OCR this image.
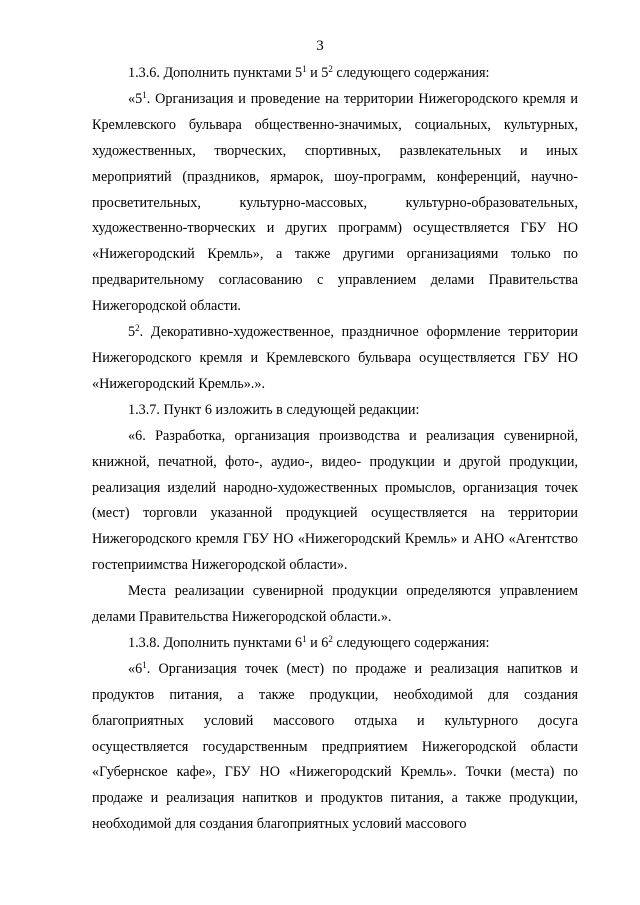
3

1.3.6. Дополнить пунктами $5^1$ и $5^2$ следующего содержания:

«$5^1$. Организация и проведение на территории Нижегородского кремля и Кремлевского бульвара общественно-значимых, социальных, культурных, художественных, творческих, спортивных, развлекательных и иных мероприятий (праздников, ярмарок, шоу-программ, конференций, научно-просветительных, культурно-массовых, культурно-образовательных, художественно-творческих и других программ) осуществляется ГБУ НО «Нижегородский Кремль», а также другими организациями только по предварительному согласованию с управлением делами Правительства Нижегородской области.

$5^2$. Декоративно-художественное, праздничное оформление территории Нижегородского кремля и Кремлевского бульвара осуществляется ГБУ НО «Нижегородский Кремль».».

1.3.7. Пункт 6 изложить в следующей редакции:

«6. Разработка, организация производства и реализация сувенирной, книжной, печатной, фото-, аудио-, видео- продукции и другой продукции, реализация изделий народно-художественных промыслов, организация точек (мест) торговли указанной продукцией осуществляется на территории Нижегородского кремля ГБУ НО «Нижегородский Кремль» и АНО «Агентство гостеприимства Нижегородской области».

Места реализации сувенирной продукции определяются управлением делами Правительства Нижегородской области.».

1.3.8. Дополнить пунктами $6^1$ и $6^2$ следующего содержания:

«$6^1$. Организация точек (мест) по продаже и реализация напитков и продуктов питания, а также продукции, необходимой для создания благоприятных условий массового отдыха и культурного досуга осуществляется государственным предприятием Нижегородской области «Губернское кафе», ГБУ НО «Нижегородский Кремль». Точки (места) по продаже и реализация напитков и продуктов питания, а также продукции, необходимой для создания благоприятных условий массового
